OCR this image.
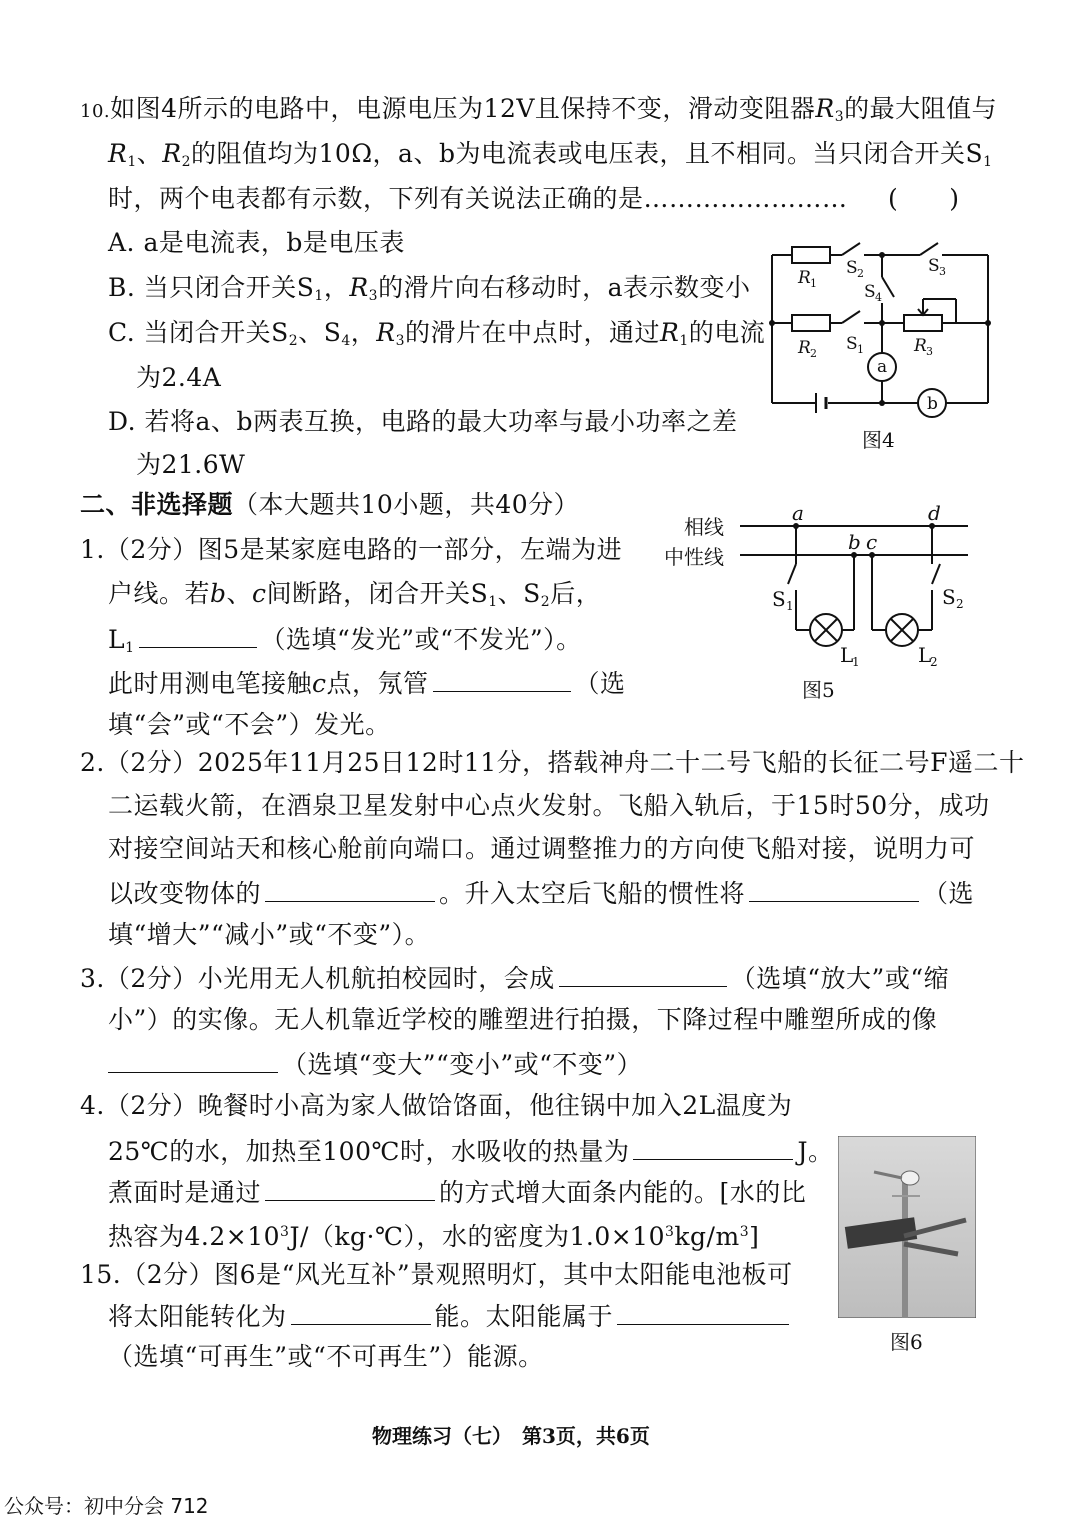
10.如图4所示的电路中，电源电压为12V且保持不变，滑动变阻器$R_3$的最大阻值与
$R_1$、$R_2$的阻值均为10Ω，a、b为电流表或电压表，且不相同。当只闭合开关$S_1$
时，两个电表都有示数，下列有关说法正确的是…………………… (　　)
A. a是电流表，b是电压表
B. 当只闭合开关$S_1$，$R_3$的滑片向右移动时，a表示数变小
C. 当闭合开关$S_2$、$S_4$，$R_3$的滑片在中点时，通过$R_1$的电流
为2.4A
D. 若将a、b两表互换，电路的最大功率与最小功率之差
为21.6W
R 1
S 2	S 3
S 4
R 2 S 1	R 3
a
b
图4
二、非选择题（本大题共10小题，共40分）
1.（2分）图5是某家庭电路的一部分，左端为进
户线。若b、c间断路，闭合开关$S_1$、$S_2$后，
$L_1$	（选填“发光”或“不发光”）。
此时用测电笔接触c点，氖管	（选
填“会”或“不会”）发光。
相线
中性线
a
b c
d
S 1	S 2
L
1	L
2
图5
2.（2分）2025年11月25日12时11分，搭载神舟二十二号飞船的长征二号F遥二十
二运载火箭，在酒泉卫星发射中心点火发射。飞船入轨后，于15时50分，成功
对接空间站天和核心舱前向端口。通过调整推力的方向使飞船对接，说明力可
以改变物体的	。升入太空后飞船的惯性将	（选
填“增大”“减小”或“不变”）。
3.（2分）小光用无人机航拍校园时，会成	（选填“放大”或“缩
小”）的实像。无人机靠近学校的雕塑进行拍摄，下降过程中雕塑所成的像
（选填“变大”“变小”或“不变”）
4.（2分）晚餐时小高为家人做饸饹面，他往锅中加入2L温度为
25℃的水，加热至100℃时，水吸收的热量为	J。
煮面时是通过	的方式增大面条内能的。[水的比
热容为$4.2\times 10^3J/(kg\cdot℃)$，水的密度为$1.0\times 10^3kg/m^3$]
15.（2分）图6是“风光互补”景观照明灯，其中太阳能电池板可
将太阳能转化为	能。太阳能属于
（选填“可再生”或“不可再生”）能源。	图6
物理练习（七）　第3页，共6页
公众号：初中分会 712
